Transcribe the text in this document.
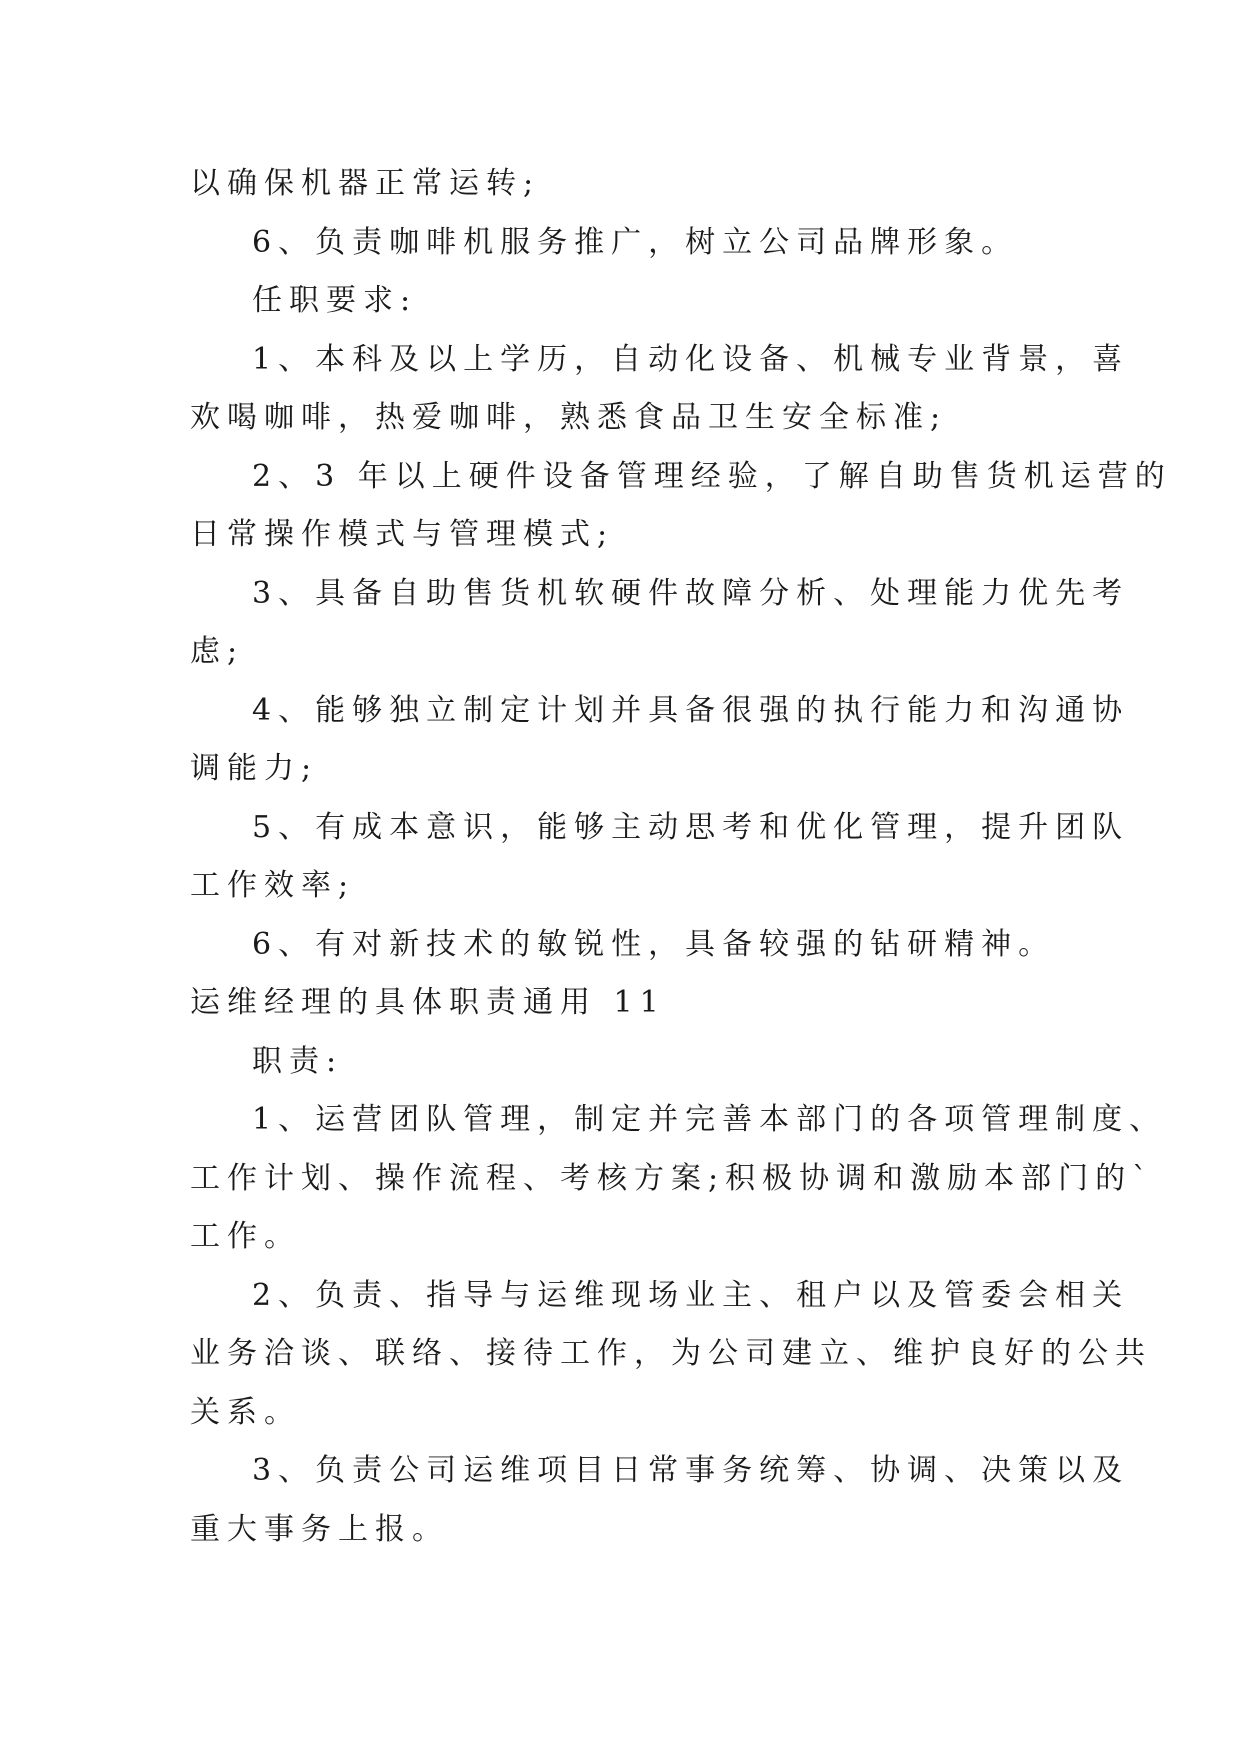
以确保机器正常运转;
6、负责咖啡机服务推广，树立公司品牌形象。
任职要求:
1、本科及以上学历，自动化设备、机械专业背景，喜
欢喝咖啡，热爱咖啡，熟悉食品卫生安全标准;
2、3 年以上硬件设备管理经验，了解自助售货机运营的
日常操作模式与管理模式;
3、具备自助售货机软硬件故障分析、处理能力优先考
虑;
4、能够独立制定计划并具备很强的执行能力和沟通协
调能力;
5、有成本意识，能够主动思考和优化管理，提升团队
工作效率;
6、有对新技术的敏锐性，具备较强的钻研精神。
运维经理的具体职责通用 11
职责:
1、运营团队管理，制定并完善本部门的各项管理制度、
工作计划、操作流程、考核方案;积极协调和激励本部门的`
工作。
2、负责、指导与运维现场业主、租户以及管委会相关
业务洽谈、联络、接待工作，为公司建立、维护良好的公共
关系。
3、负责公司运维项目日常事务统筹、协调、决策以及
重大事务上报。
